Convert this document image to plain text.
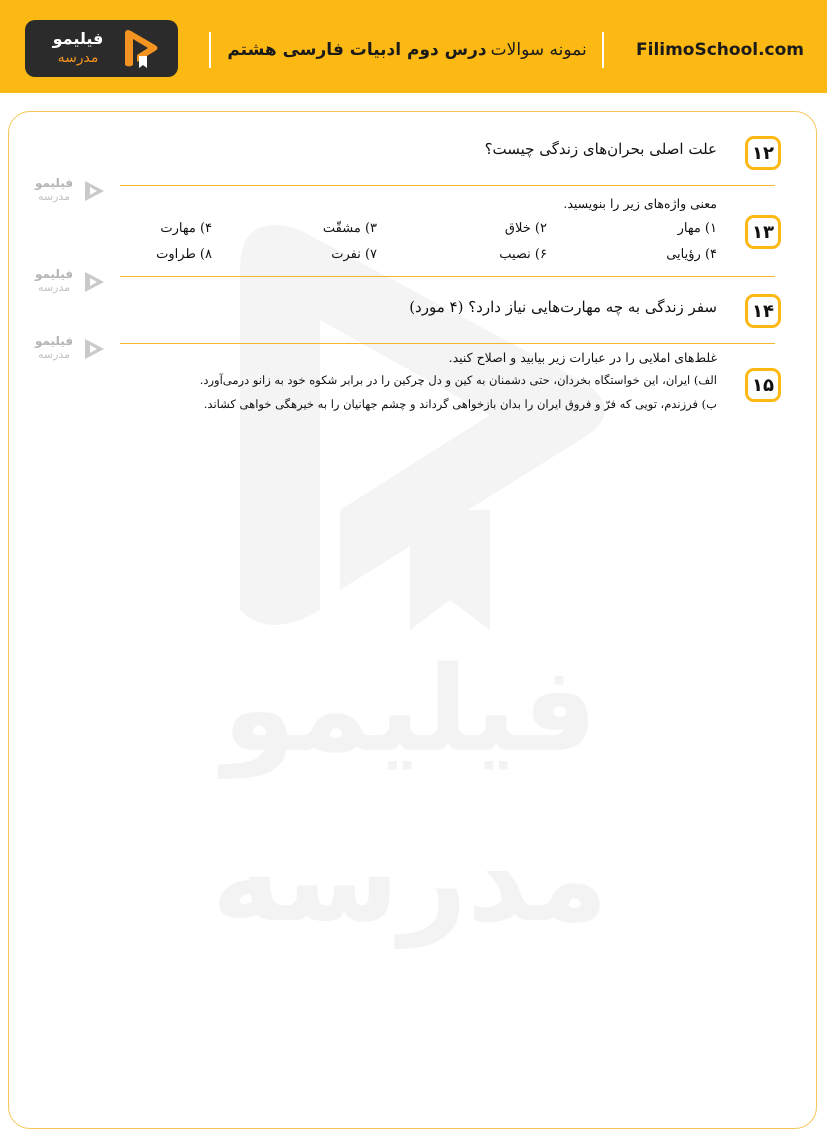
فیلیمو
مدرسه
فیلیمو
مدرسه	نمونه سوالات
درس دوم ادبیات فارسی هشتم	FilimoSchool.com
فیلیمو
مدرسه
فیلیمو
مدرسه
فیلیمو
مدرسه
۱۲
علت اصلی بحران‌های زندگی چیست؟
۱۳
معنی واژه‌های زیر را بنویسید.
۱) مهار
۲) خلاق
۳) مشقّت
۴) مهارت
۴) رؤیایی
۶) نصیب
۷) نفرت
۸) طراوت
۱۴
سفر زندگی به چه مهارت‌هایی نیاز دارد؟ (۴ مورد)
۱۵
غلط‌های املایی را در عبارات زیر بیابید و اصلاح کنید.
الف) ایران، این خواستگاه بخردان، حتی دشمنان به کین و دل چرکین را در برابر شکوه خود به زانو درمی‌آورد.
ب) فرزندم، تویی که فرّ و فروق ایران را بدان بازخواهی گرداند و چشم جهانیان را به خیرهگی خواهی کشاند.
